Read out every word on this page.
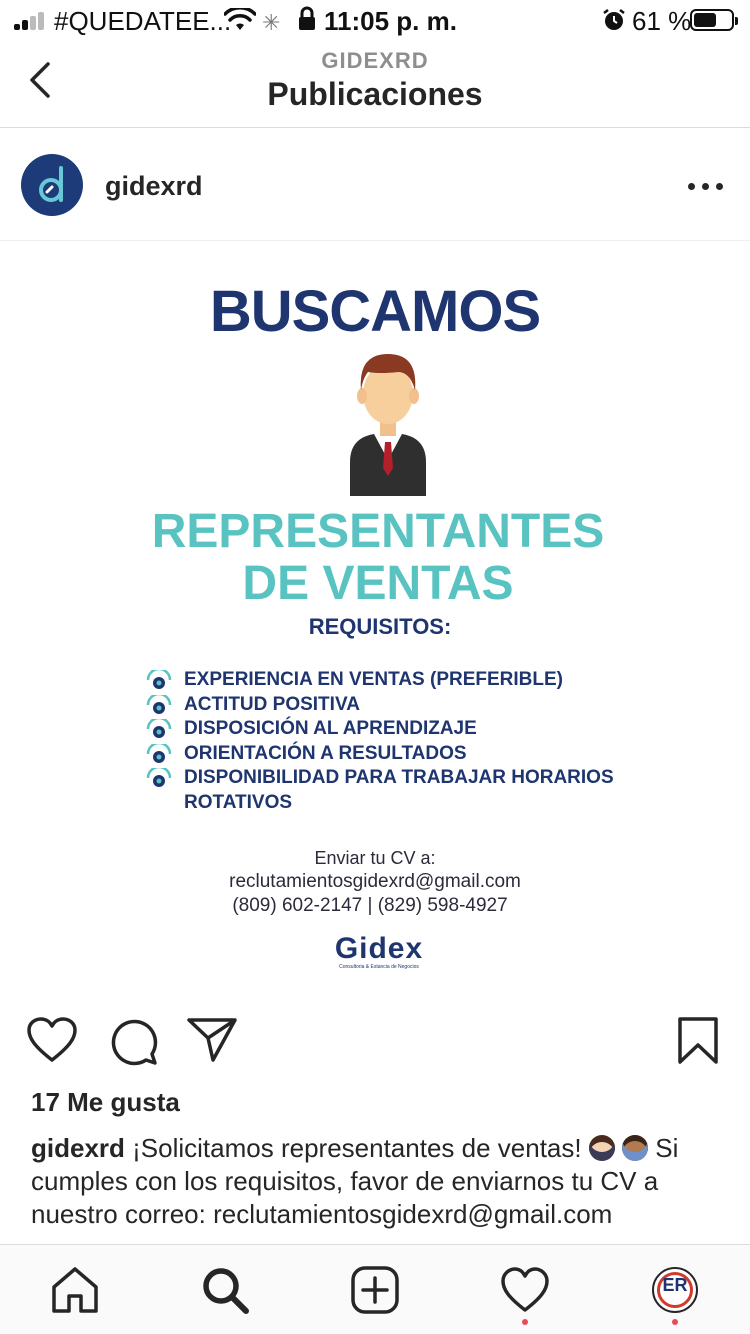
#QUEDATEE... ✳ 11:05 p. m.	61 %
GIDEXRD
Publicaciones
gidexrd
BUSCAMOS
REPRESENTANTES
DE VENTAS
REQUISITOS:
EXPERIENCIA EN VENTAS (PREFERIBLE)
ACTITUD POSITIVA
DISPOSICIÓN AL APRENDIZAJE
ORIENTACIÓN A RESULTADOS
DISPONIBILIDAD PARA TRABAJAR HORARIOS ROTATIVOS
Enviar tu CV a:
reclutamientosgidexrd@gmail.com
(809) 602-2147 | (829) 598-4927
Gidex
Consultoria & Estancia de Negocios
17 Me gusta
gidexrd ¡Solicitamos representantes de ventas!   Si cumples con los requisitos, favor de enviarnos tu CV a nuestro correo: reclutamientosgidexrd@gmail.com
ER
